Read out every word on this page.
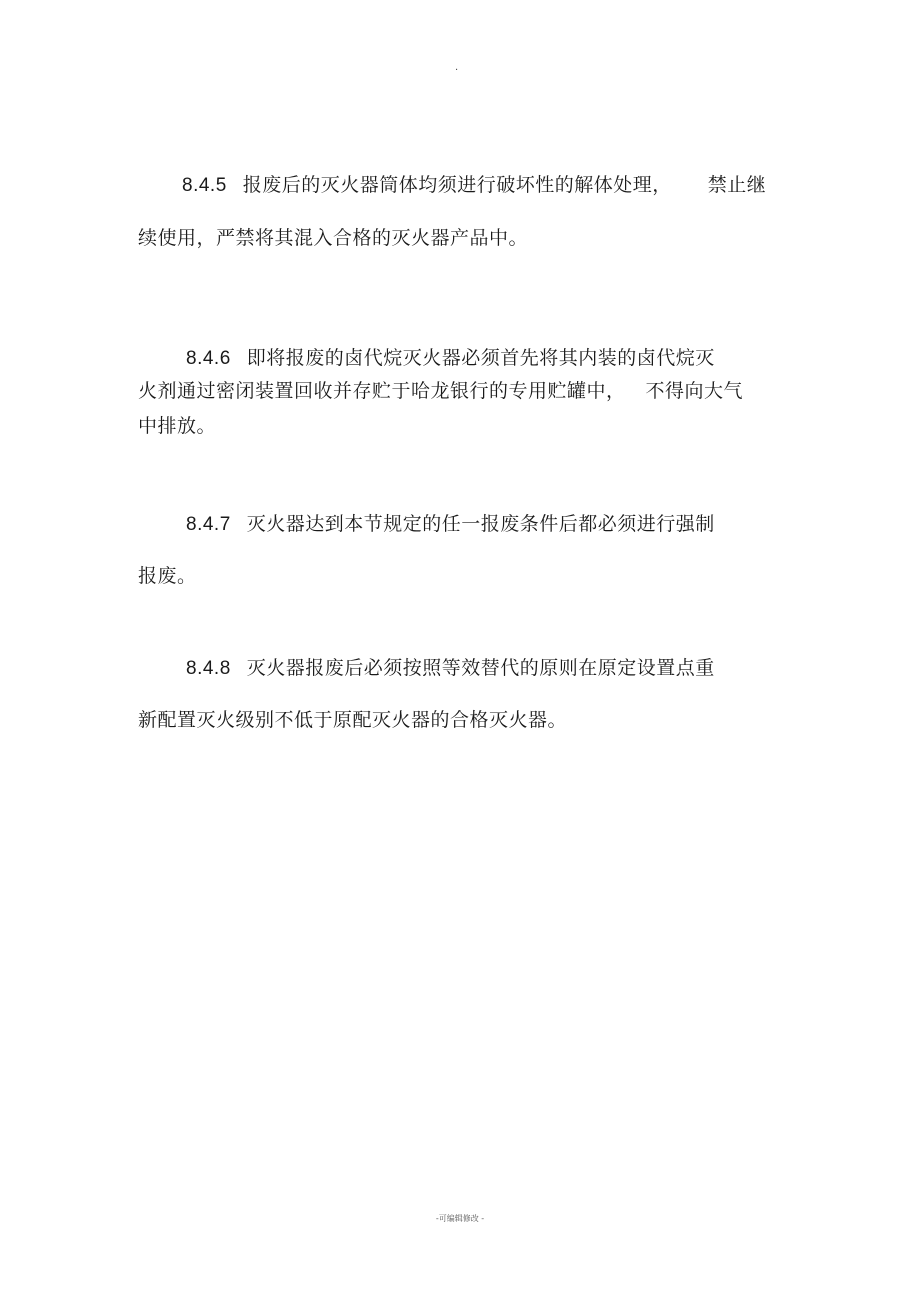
.
8.4.5 报废后的灭火器筒体均须进行破坏性的解体处理， 禁止继
续使用，严禁将其混入合格的灭火器产品中。
8.4.6 即将报废的卤代烷灭火器必须首先将其内装的卤代烷灭
火剂通过密闭装置回收并存贮于哈龙银行的专用贮罐中， 不得向大气
中排放。
8.4.7 灭火器达到本节规定的任一报废条件后都必须进行强制
报废。
8.4.8 灭火器报废后必须按照等效替代的原则在原定设置点重
新配置灭火级别不低于原配灭火器的合格灭火器。
-可编辑修改 -
